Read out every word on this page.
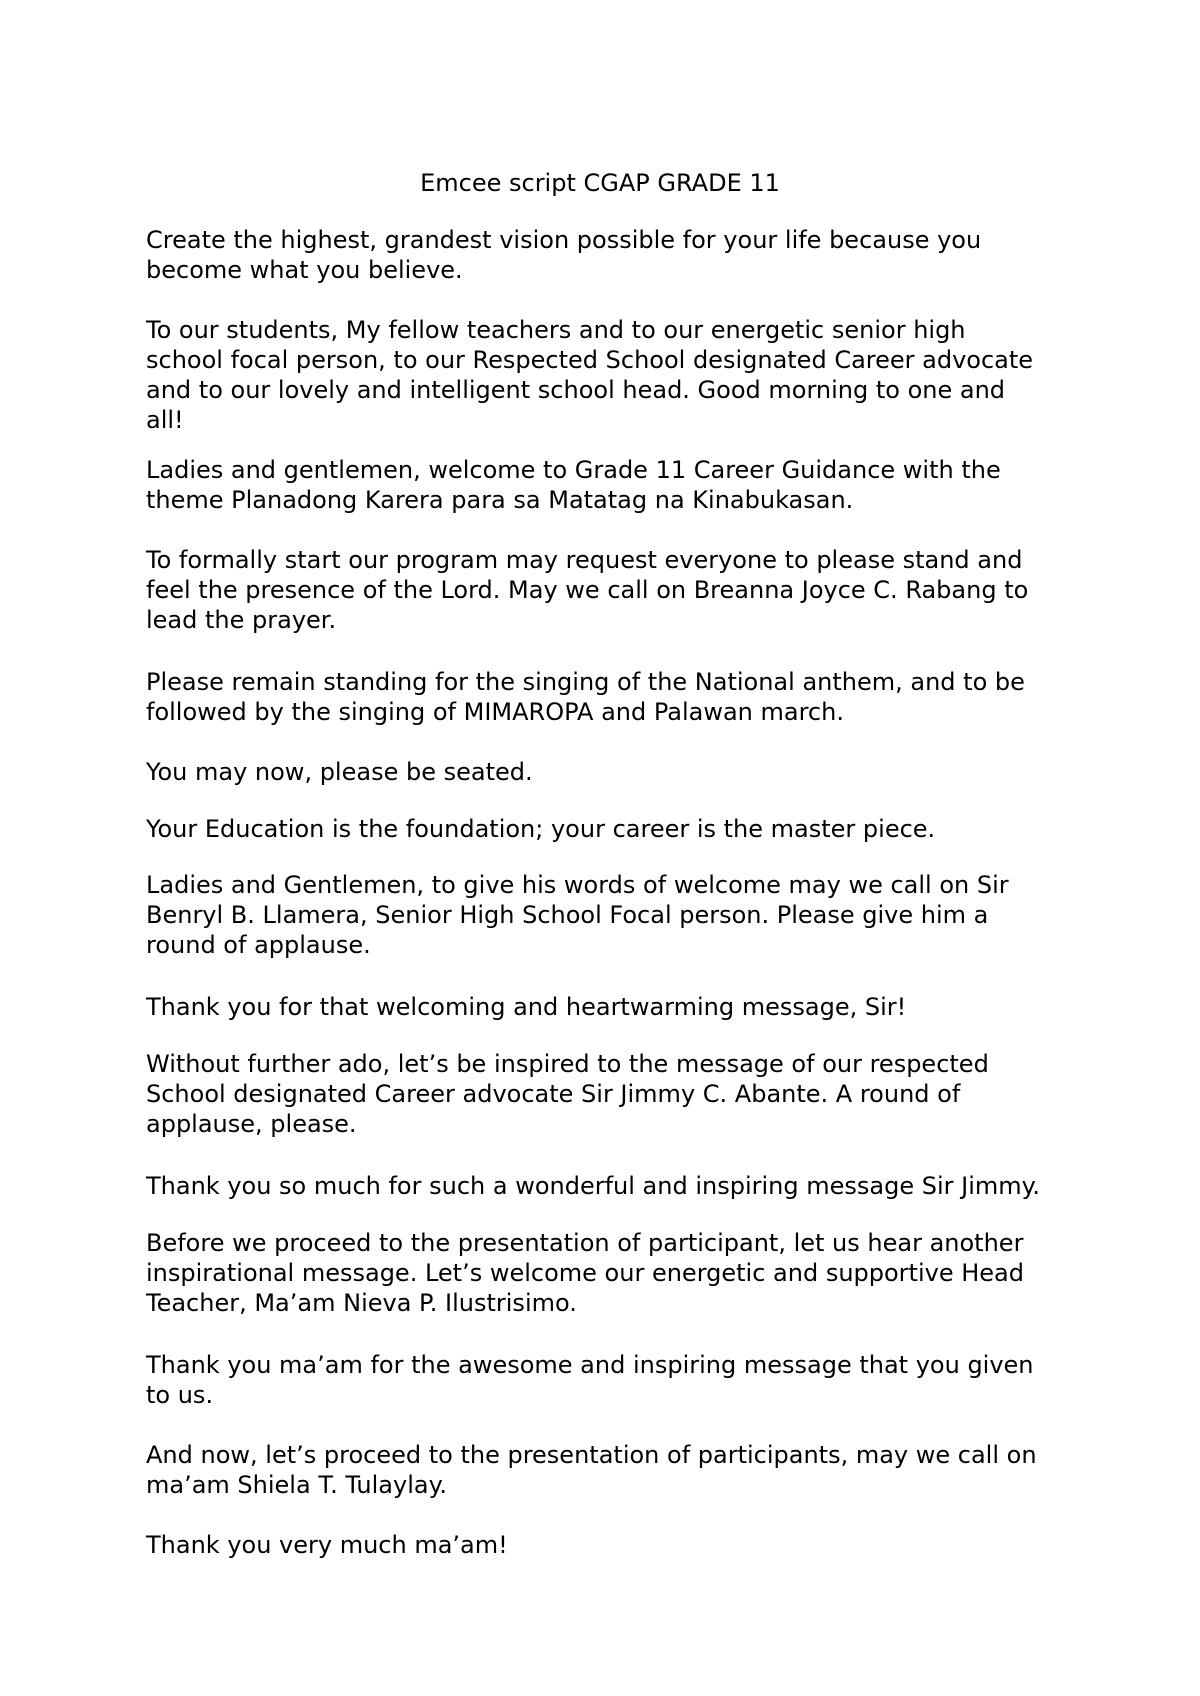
Emcee script CGAP GRADE 11

Create the highest, grandest vision possible for your life because you
become what you believe.

To our students, My fellow teachers and to our energetic senior high
school focal person, to our Respected School designated Career advocate
and to our lovely and intelligent school head. Good morning to one and
all!

Ladies and gentlemen, welcome to Grade 11 Career Guidance with the
theme Planadong Karera para sa Matatag na Kinabukasan.

To formally start our program may request everyone to please stand and
feel the presence of the Lord. May we call on Breanna Joyce C. Rabang to
lead the prayer.

Please remain standing for the singing of the National anthem, and to be
followed by the singing of MIMAROPA and Palawan march.

You may now, please be seated.

Your Education is the foundation; your career is the master piece.

Ladies and Gentlemen, to give his words of welcome may we call on Sir
Benryl B. Llamera, Senior High School Focal person. Please give him a
round of applause.

Thank you for that welcoming and heartwarming message, Sir!

Without further ado, let’s be inspired to the message of our respected
School designated Career advocate Sir Jimmy C. Abante. A round of
applause, please.

Thank you so much for such a wonderful and inspiring message Sir Jimmy.

Before we proceed to the presentation of participant, let us hear another
inspirational message. Let’s welcome our energetic and supportive Head
Teacher, Ma’am Nieva P. Ilustrisimo.

Thank you ma’am for the awesome and inspiring message that you given
to us.

And now, let’s proceed to the presentation of participants, may we call on
ma’am Shiela T. Tulaylay.

Thank you very much ma’am!
